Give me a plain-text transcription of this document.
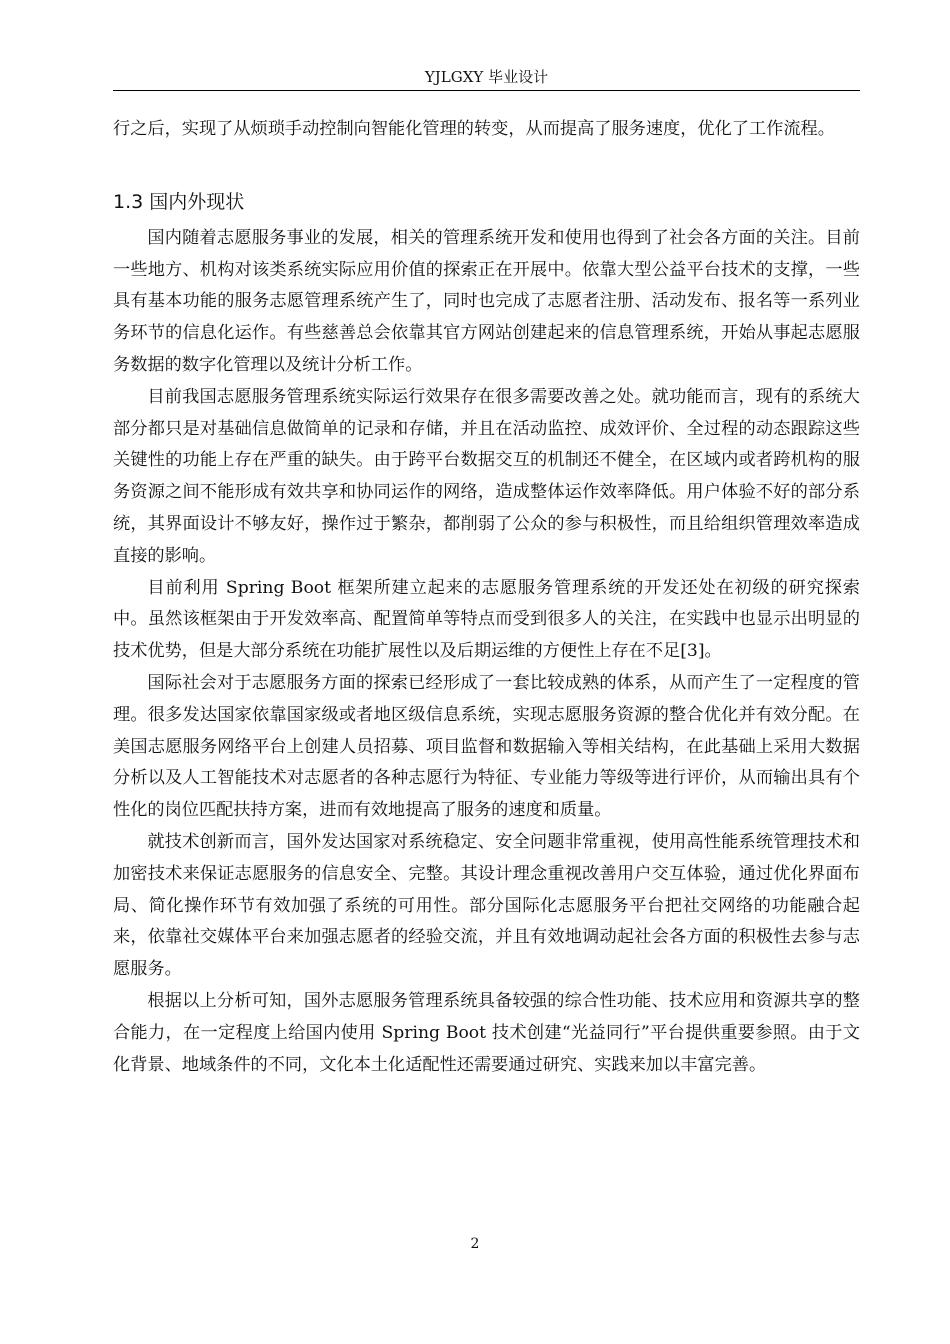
YJLGXY 毕业设计

行之后，实现了从烦琐手动控制向智能化管理的转变，从而提高了服务速度，优化了工作流程。

1.3 国内外现状

国内随着志愿服务事业的发展，相关的管理系统开发和使用也得到了社会各方面的关注。目前一些地方、机构对该类系统实际应用价值的探索正在开展中。依靠大型公益平台技术的支撑，一些具有基本功能的服务志愿管理系统产生了，同时也完成了志愿者注册、活动发布、报名等一系列业务环节的信息化运作。有些慈善总会依靠其官方网站创建起来的信息管理系统，开始从事起志愿服务数据的数字化管理以及统计分析工作。

目前我国志愿服务管理系统实际运行效果存在很多需要改善之处。就功能而言，现有的系统大部分都只是对基础信息做简单的记录和存储，并且在活动监控、成效评价、全过程的动态跟踪这些关键性的功能上存在严重的缺失。由于跨平台数据交互的机制还不健全，在区域内或者跨机构的服务资源之间不能形成有效共享和协同运作的网络，造成整体运作效率降低。用户体验不好的部分系统，其界面设计不够友好，操作过于繁杂，都削弱了公众的参与积极性，而且给组织管理效率造成直接的影响。

目前利用 Spring Boot 框架所建立起来的志愿服务管理系统的开发还处在初级的研究探索中。虽然该框架由于开发效率高、配置简单等特点而受到很多人的关注，在实践中也显示出明显的技术优势，但是大部分系统在功能扩展性以及后期运维的方便性上存在不足[3]。

国际社会对于志愿服务方面的探索已经形成了一套比较成熟的体系，从而产生了一定程度的管理。很多发达国家依靠国家级或者地区级信息系统，实现志愿服务资源的整合优化并有效分配。在美国志愿服务网络平台上创建人员招募、项目监督和数据输入等相关结构，在此基础上采用大数据分析以及人工智能技术对志愿者的各种志愿行为特征、专业能力等级等进行评价，从而输出具有个性化的岗位匹配扶持方案，进而有效地提高了服务的速度和质量。

就技术创新而言，国外发达国家对系统稳定、安全问题非常重视，使用高性能系统管理技术和加密技术来保证志愿服务的信息安全、完整。其设计理念重视改善用户交互体验，通过优化界面布局、简化操作环节有效加强了系统的可用性。部分国际化志愿服务平台把社交网络的功能融合起来，依靠社交媒体平台来加强志愿者的经验交流，并且有效地调动起社会各方面的积极性去参与志愿服务。

根据以上分析可知，国外志愿服务管理系统具备较强的综合性功能、技术应用和资源共享的整合能力，在一定程度上给国内使用 Spring Boot 技术创建“光益同行”平台提供重要参照。由于文化背景、地域条件的不同，文化本土化适配性还需要通过研究、实践来加以丰富完善。

2
